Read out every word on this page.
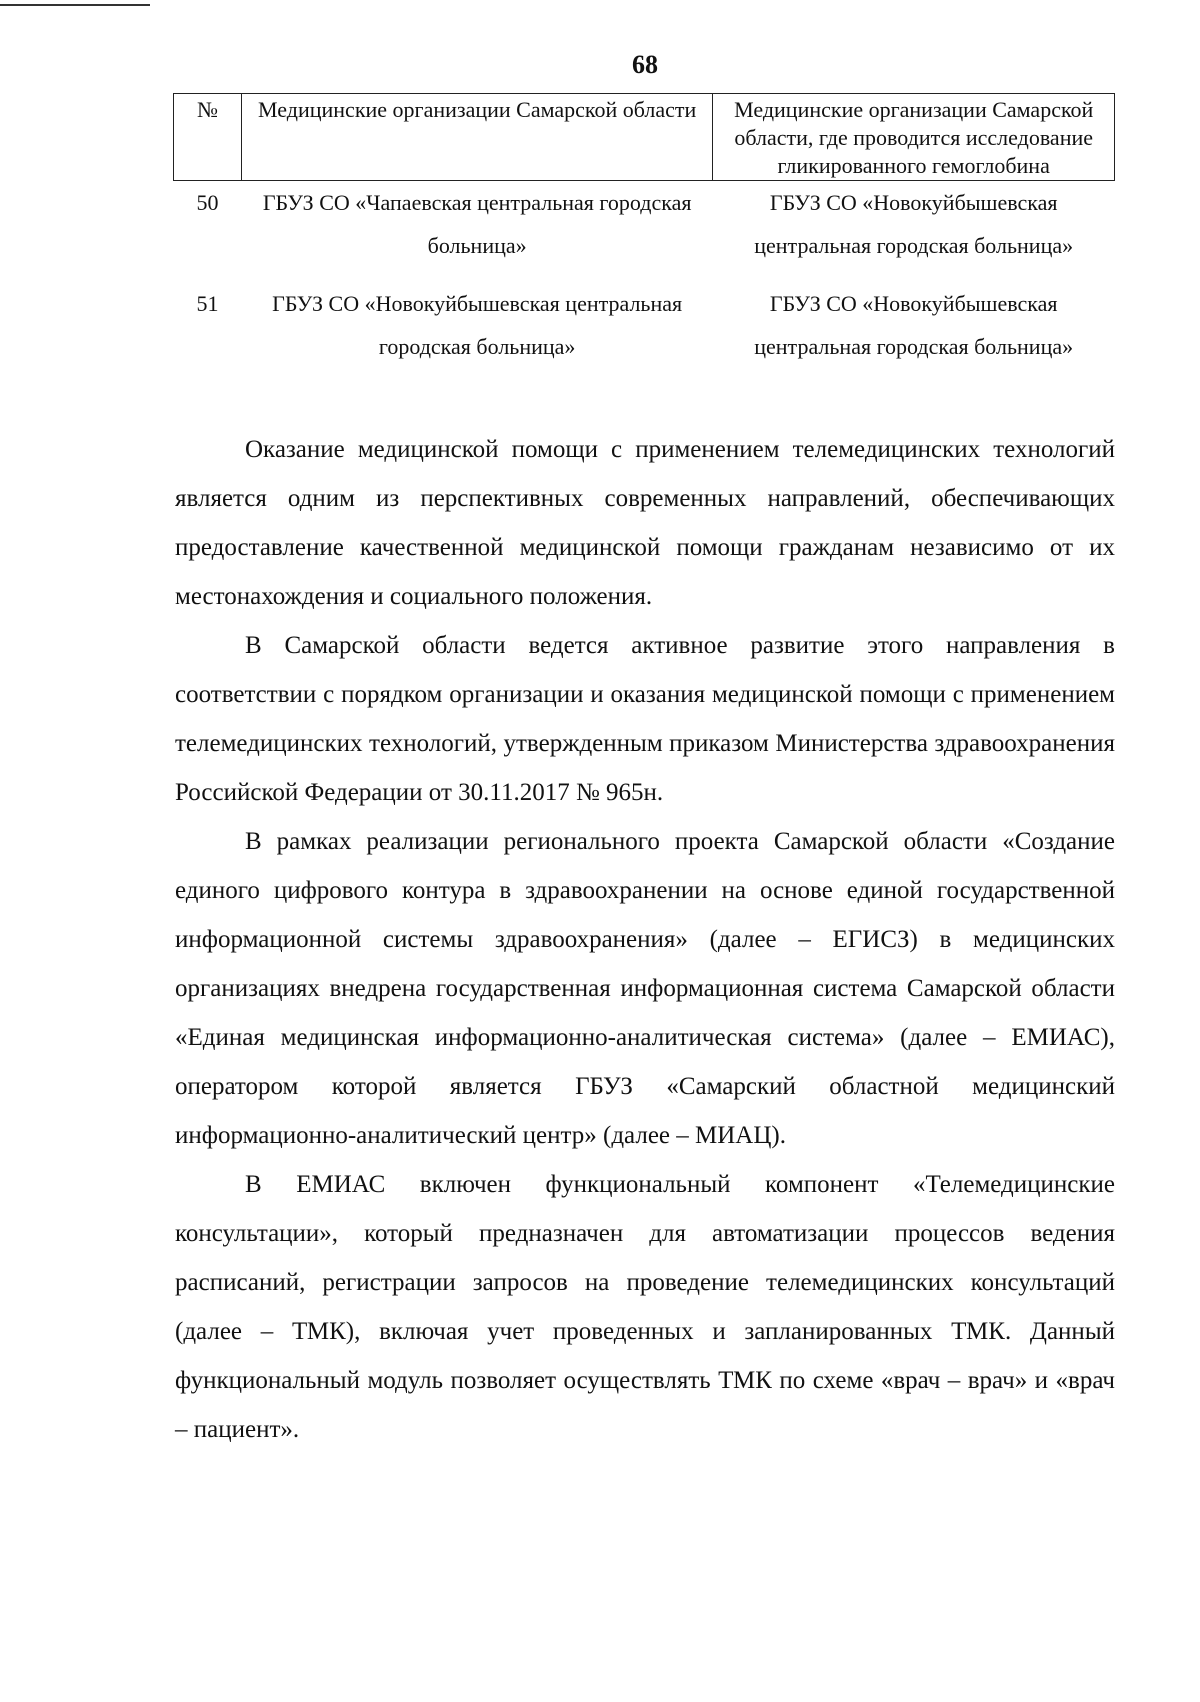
68
№	Медицинские организации Самарской области	Медицинские организации Самарской области, где проводится исследование гликированного гемоглобина
50	ГБУЗ СО «Чапаевская центральная городская больница»	ГБУЗ СО «Новокуйбышевская центральная городская больница»
51	ГБУЗ СО «Новокуйбышевская центральная городская больница»	ГБУЗ СО «Новокуйбышевская центральная городская больница»

Оказание медицинской помощи с применением телемедицинских технологий является одним из перспективных современных направлений, обеспечивающих предоставление качественной медицинской помощи гражданам независимо от их местонахождения и социального положения.

В Самарской области ведется активное развитие этого направления в соответствии с порядком организации и оказания медицинской помощи с применением телемедицинских технологий, утвержденным приказом Министерства здравоохранения Российской Федерации от 30.11.2017 № 965н.

В рамках реализации регионального проекта Самарской области «Создание единого цифрового контура в здравоохранении на основе единой государственной информационной системы здравоохранения» (далее – ЕГИСЗ) в медицинских организациях внедрена государственная информационная система Самарской области «Единая медицинская информационно-аналитическая система» (далее – ЕМИАС), оператором которой является ГБУЗ «Самарский областной медицинский информационно-аналитический центр» (далее – МИАЦ).

В ЕМИАС включен функциональный компонент «Телемедицинские консультации», который предназначен для автоматизации процессов ведения расписаний, регистрации запросов на проведение телемедицинских консультаций (далее – ТМК), включая учет проведенных и запланированных ТМК. Данный функциональный модуль позволяет осуществлять ТМК по схеме «врач – врач» и «врач – пациент».
